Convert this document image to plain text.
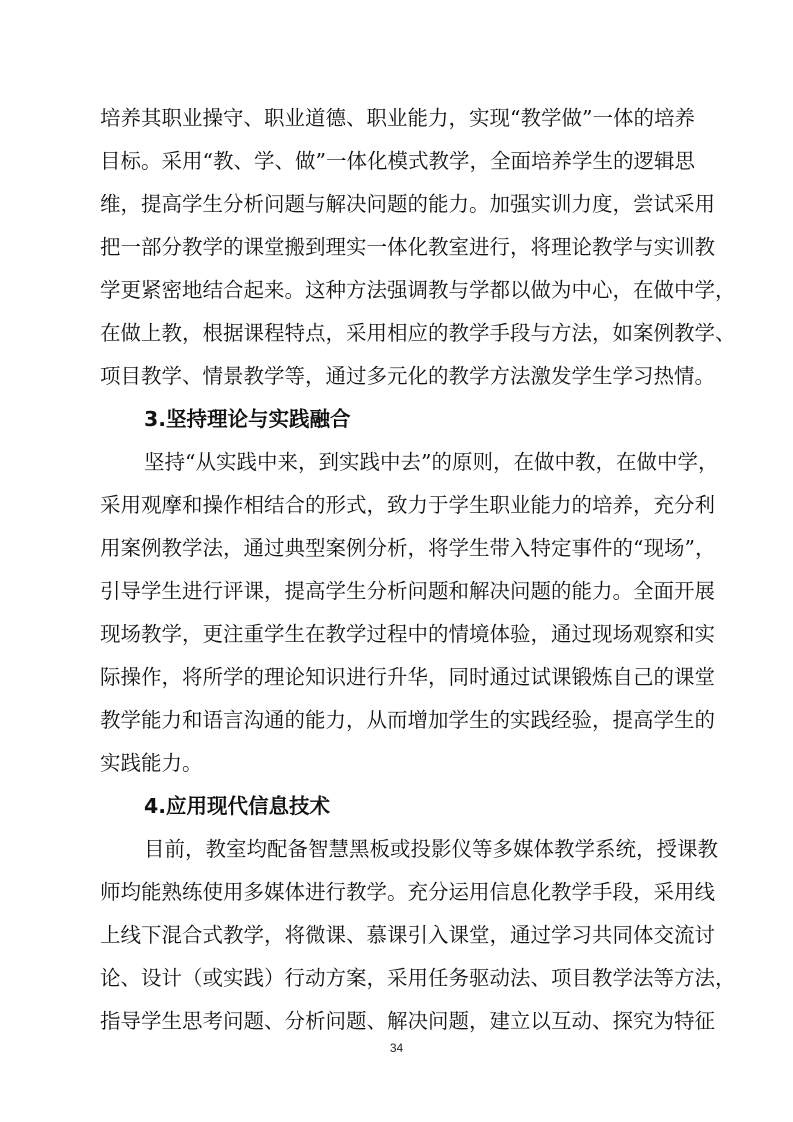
培养其职业操守、职业道德、职业能力，实现“教学做”一体的培养
目标。采用“教、学、做”一体化模式教学，全面培养学生的逻辑思
维，提高学生分析问题与解决问题的能力。加强实训力度，尝试采用
把一部分教学的课堂搬到理实一体化教室进行，将理论教学与实训教
学更紧密地结合起来。这种方法强调教与学都以做为中心，在做中学，
在做上教，根据课程特点，采用相应的教学手段与方法，如案例教学、
项目教学、情景教学等，通过多元化的教学方法激发学生学习热情。
3.坚持理论与实践融合
坚持“从实践中来，到实践中去”的原则，在做中教，在做中学，
采用观摩和操作相结合的形式，致力于学生职业能力的培养，充分利
用案例教学法，通过典型案例分析，将学生带入特定事件的“现场”，
引导学生进行评课，提高学生分析问题和解决问题的能力。全面开展
现场教学，更注重学生在教学过程中的情境体验，通过现场观察和实
际操作，将所学的理论知识进行升华，同时通过试课锻炼自己的课堂
教学能力和语言沟通的能力，从而增加学生的实践经验，提高学生的
实践能力。
4.应用现代信息技术
目前，教室均配备智慧黑板或投影仪等多媒体教学系统，授课教
师均能熟练使用多媒体进行教学。充分运用信息化教学手段，采用线
上线下混合式教学，将微课、慕课引入课堂，通过学习共同体交流讨
论、设计（或实践）行动方案，采用任务驱动法、项目教学法等方法，
指导学生思考问题、分析问题、解决问题，建立以互动、探究为特征
34
